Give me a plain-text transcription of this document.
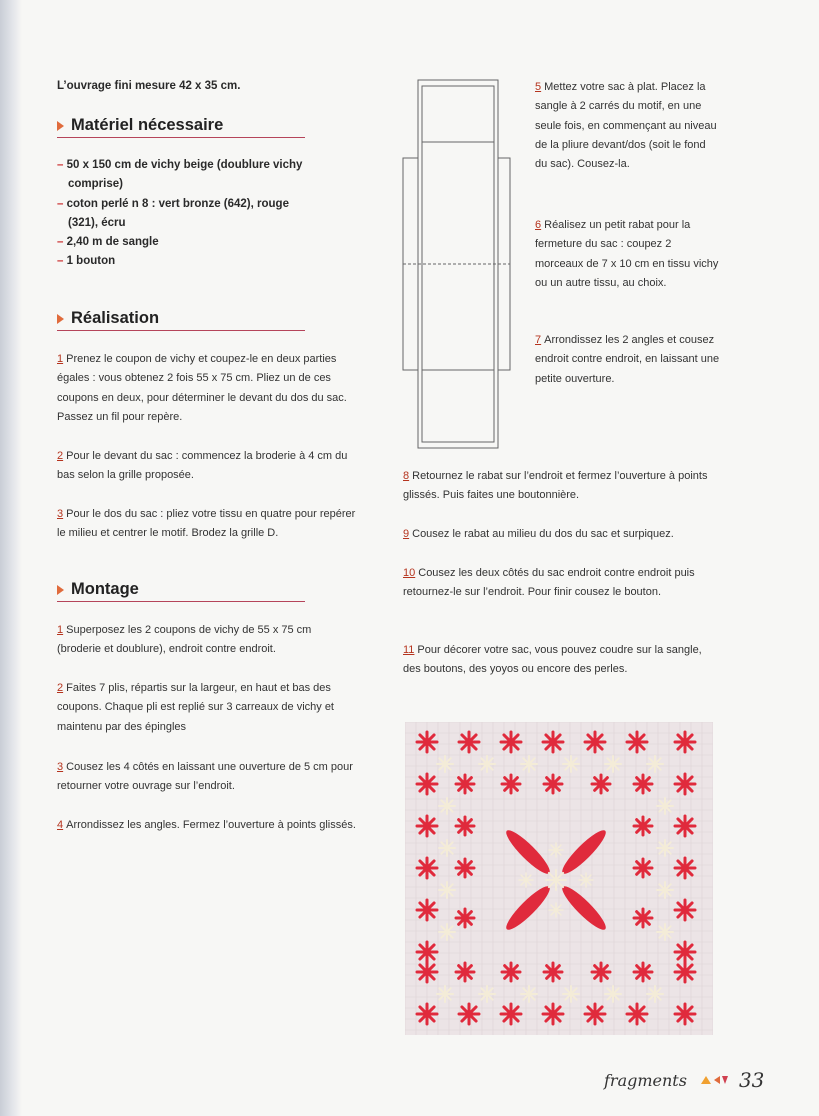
L’ouvrage fini mesure 42 x 35 cm.
Matériel nécessaire
– 50 x 150 cm de vichy beige (doublure vichy comprise)
– coton perlé n 8 : vert bronze (642), rouge (321), écru
– 2,40 m de sangle
– 1 bouton
Réalisation

1 Prenez le coupon de vichy et coupez-le en deux parties égales : vous obtenez 2 fois 55 x 75 cm. Pliez un de ces coupons en deux, pour déterminer le devant du dos du sac. Passez un fil pour repère.

2 Pour le devant du sac : commencez la broderie à 4 cm du bas selon la grille proposée.

3 Pour le dos du sac : pliez votre tissu en quatre pour repérer le milieu et centrer le motif. Brodez la grille D.

Montage

1 Superposez les 2 coupons de vichy de 55 x 75 cm (broderie et doublure), endroit contre endroit.

2 Faites 7 plis, répartis sur la largeur, en haut et bas des coupons. Chaque pli est replié sur 3 carreaux de vichy et maintenu par des épingles

3 Cousez les 4 côtés en laissant une ouverture de 5 cm pour retourner votre ouvrage sur l’endroit.

4 Arrondissez les angles. Fermez l’ouverture à points glissés.

5 Mettez votre sac à plat. Placez la sangle à 2 carrés du motif, en une seule fois, en commençant au niveau de la pliure devant/dos (soit le fond du sac). Cousez-la.

6 Réalisez un petit rabat pour la fermeture du sac : coupez 2 morceaux de 7 x 10 cm en tissu vichy ou un autre tissu, au choix.

7 Arrondissez les 2 angles et cousez endroit contre endroit, en laissant une petite ouverture.

8 Retournez le rabat sur l’endroit et fermez l’ouverture à points glissés. Puis faites une boutonnière.

9 Cousez le rabat au milieu du dos du sac et surpiquez.

10 Cousez les deux côtés du sac endroit contre endroit puis retournez-le sur l’endroit. Pour finir cousez le bouton.

11 Pour décorer votre sac, vous pouvez coudre sur la sangle, des boutons, des yoyos ou encore des perles.

fragments	33
